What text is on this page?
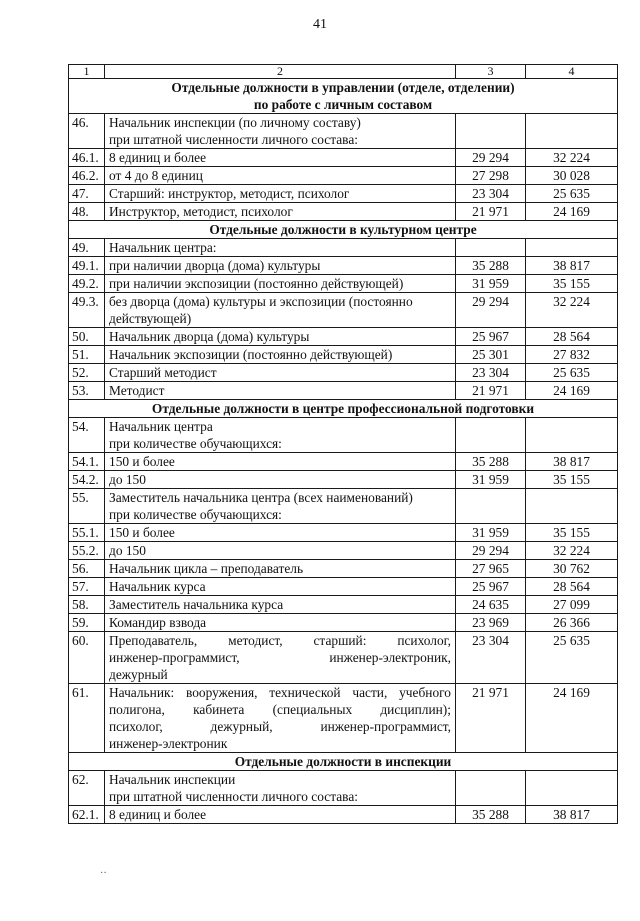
41
1	2	3	4

Отдельные должности в управлении (отделе, отделении)
по работе с личным составом			

46.	Начальник инспекции (по личному составу)
при штатной численности личного состава:		

46.1.	8 единиц и более	29 294	32 224
46.2.	от 4 до 8 единиц	27 298	30 028
47.	Старший: инструктор, методист, психолог	23 304	25 635
48.	Инструктор, методист, психолог	21 971	24 169

Отдельные должности в культурном центре			

49.	Начальник центра:		

49.1.	при наличии дворца (дома) культуры	35 288	38 817
49.2.	при наличии экспозиции (постоянно действующей)	31 959	35 155
49.3.	без дворца (дома) культуры и экспозиции (постоянно
действующей)	29 294	32 224
50.	Начальник дворца (дома) культуры	25 967	28 564
51.	Начальник экспозиции (постоянно действующей)	25 301	27 832
52.	Старший методист	23 304	25 635
53.	Методист	21 971	24 169

Отдельные должности в центре профессиональной подготовки			

54.	Начальник центра
при количестве обучающихся:		

54.1.	150 и более	35 288	38 817
54.2.	до 150	31 959	35 155
55.	Заместитель начальника центра (всех наименований)
при количестве обучающихся:		

55.1.	150 и более	31 959	35 155
55.2.	до 150	29 294	32 224
56.	Начальник цикла – преподаватель	27 965	30 762
57.	Начальник курса	25 967	28 564
58.	Заместитель начальника курса	24 635	27 099
59.	Командир взвода	23 969	26 366
60.	Преподаватель, методист, старший: психолог,
инженер-программист, инженер-электроник,
дежурный	23 304	25 635
61.	Начальник: вооружения, технической части, учебного
полигона, кабинета (специальных дисциплин);
психолог, дежурный, инженер-программист,
инженер-электроник	21 971	24 169

Отдельные должности в инспекции			

62.	Начальник инспекции
при штатной численности личного состава:		

62.1.	8 единиц и более	35 288	38 817
··
